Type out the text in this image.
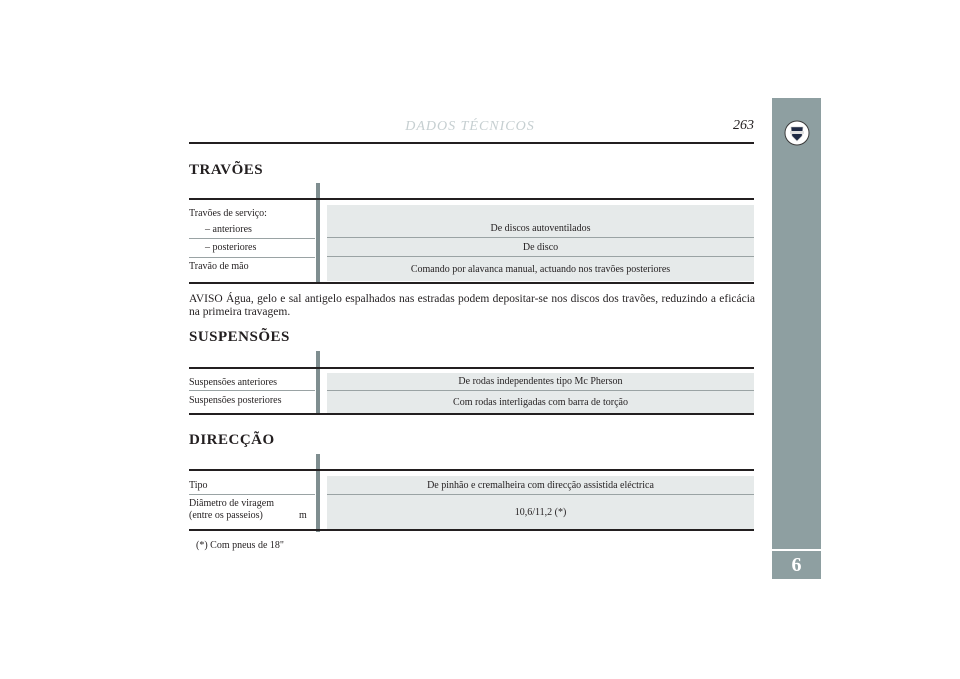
6
DADOS TÉCNICOS	263
TRAVÕES
Travões de serviço:
– anteriores
– posteriores
Travão de mão
De discos autoventilados
De disco
Comando por alavanca manual, actuando nos travões posteriores
AVISO Água, gelo e sal antigelo espalhados nas estradas podem depositar-se nos discos dos travões, reduzindo a eficácia na primeira travagem.
SUSPENSÕES
Suspensões anteriores
Suspensões posteriores
De rodas independentes tipo Mc Pherson
Com rodas interligadas com barra de torção
DIRECÇÃO
Tipo
Diâmetro de viragem
(entre os passeios)	m
De pinhão e cremalheira com direcção assistida eléctrica
10,6/11,2 (*)
(*) Com pneus de 18"
